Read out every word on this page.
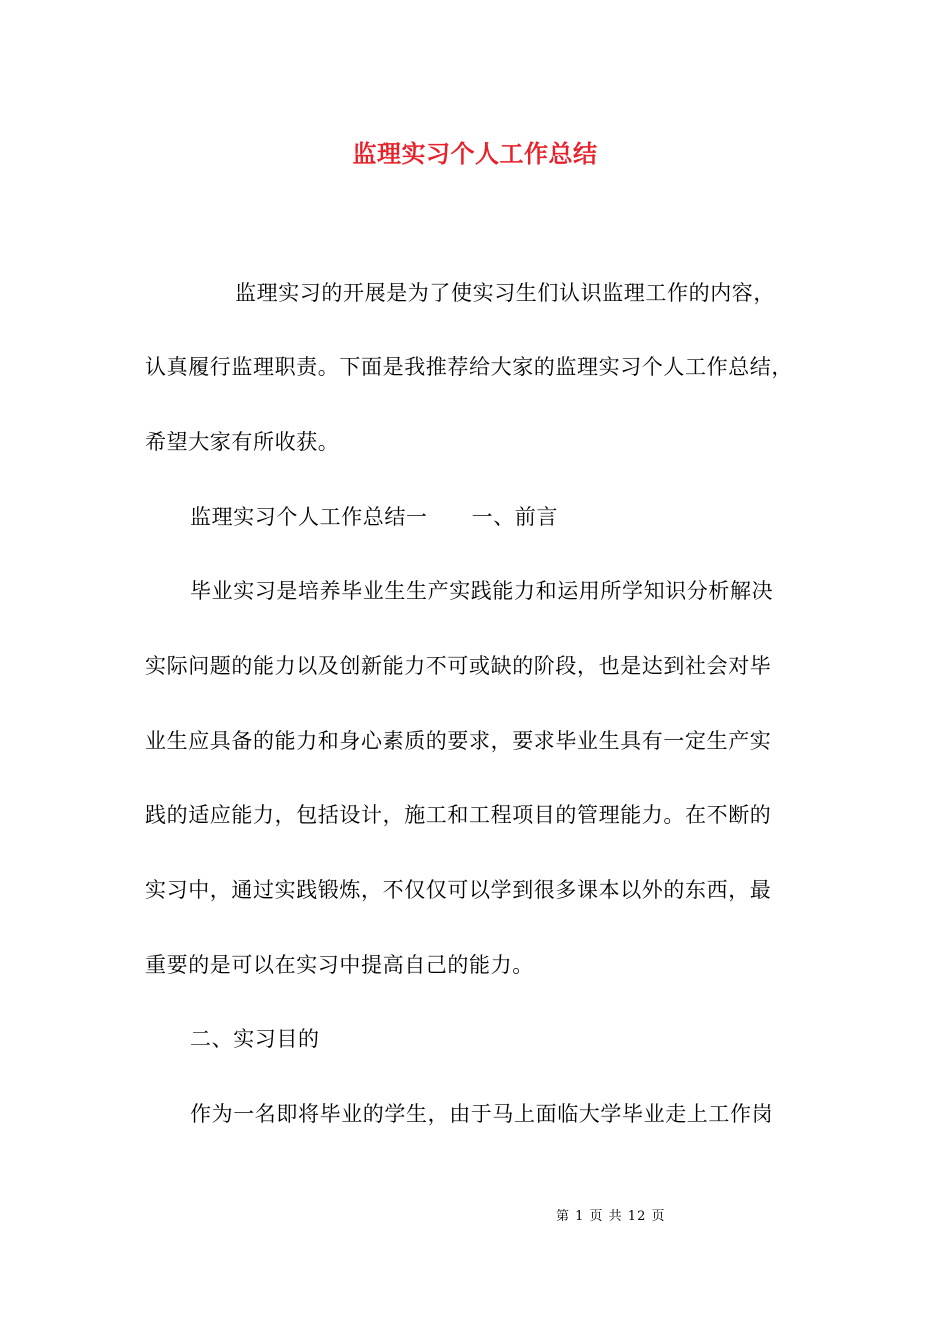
监理实习个人工作总结
监理实习的开展是为了使实习生们认识监理工作的内容，
认真履行监理职责。下面是我推荐给大家的监理实习个人工作总结，
希望大家有所收获。
监理实习个人工作总结一 一、前言
毕业实习是培养毕业生生产实践能力和运用所学知识分析解决
实际问题的能力以及创新能力不可或缺的阶段，也是达到社会对毕
业生应具备的能力和身心素质的要求，要求毕业生具有一定生产实
践的适应能力，包括设计，施工和工程项目的管理能力。在不断的
实习中，通过实践锻炼，不仅仅可以学到很多课本以外的东西，最
重要的是可以在实习中提高自己的能力。
二、实习目的
作为一名即将毕业的学生，由于马上面临大学毕业走上工作岗
第 1 页 共 12 页
